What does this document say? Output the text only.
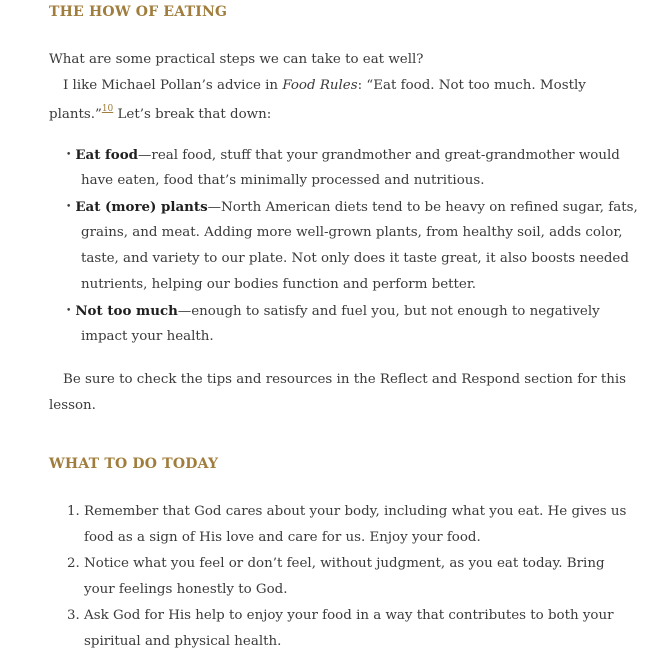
THE HOW OF EATING
What are some practical steps we can take to eat well?
I like Michael Pollan’s advice in Food Rules: “Eat food. Not too much. Mostly
plants.”$^{10}$ Let’s break that down:
• Eat food—real food, stuff that your grandmother and great-grandmother would
have eaten, food that’s minimally processed and nutritious.
• Eat (more) plants—North American diets tend to be heavy on refined sugar, fats,
grains, and meat. Adding more well-grown plants, from healthy soil, adds color,
taste, and variety to our plate. Not only does it taste great, it also boosts needed
nutrients, helping our bodies function and perform better.
• Not too much—enough to satisfy and fuel you, but not enough to negatively
impact your health.
Be sure to check the tips and resources in the Reflect and Respond section for this
lesson.
WHAT TO DO TODAY
1. Remember that God cares about your body, including what you eat. He gives us
food as a sign of His love and care for us. Enjoy your food.
2. Notice what you feel or don’t feel, without judgment, as you eat today. Bring
your feelings honestly to God.
3. Ask God for His help to enjoy your food in a way that contributes to both your
spiritual and physical health.
